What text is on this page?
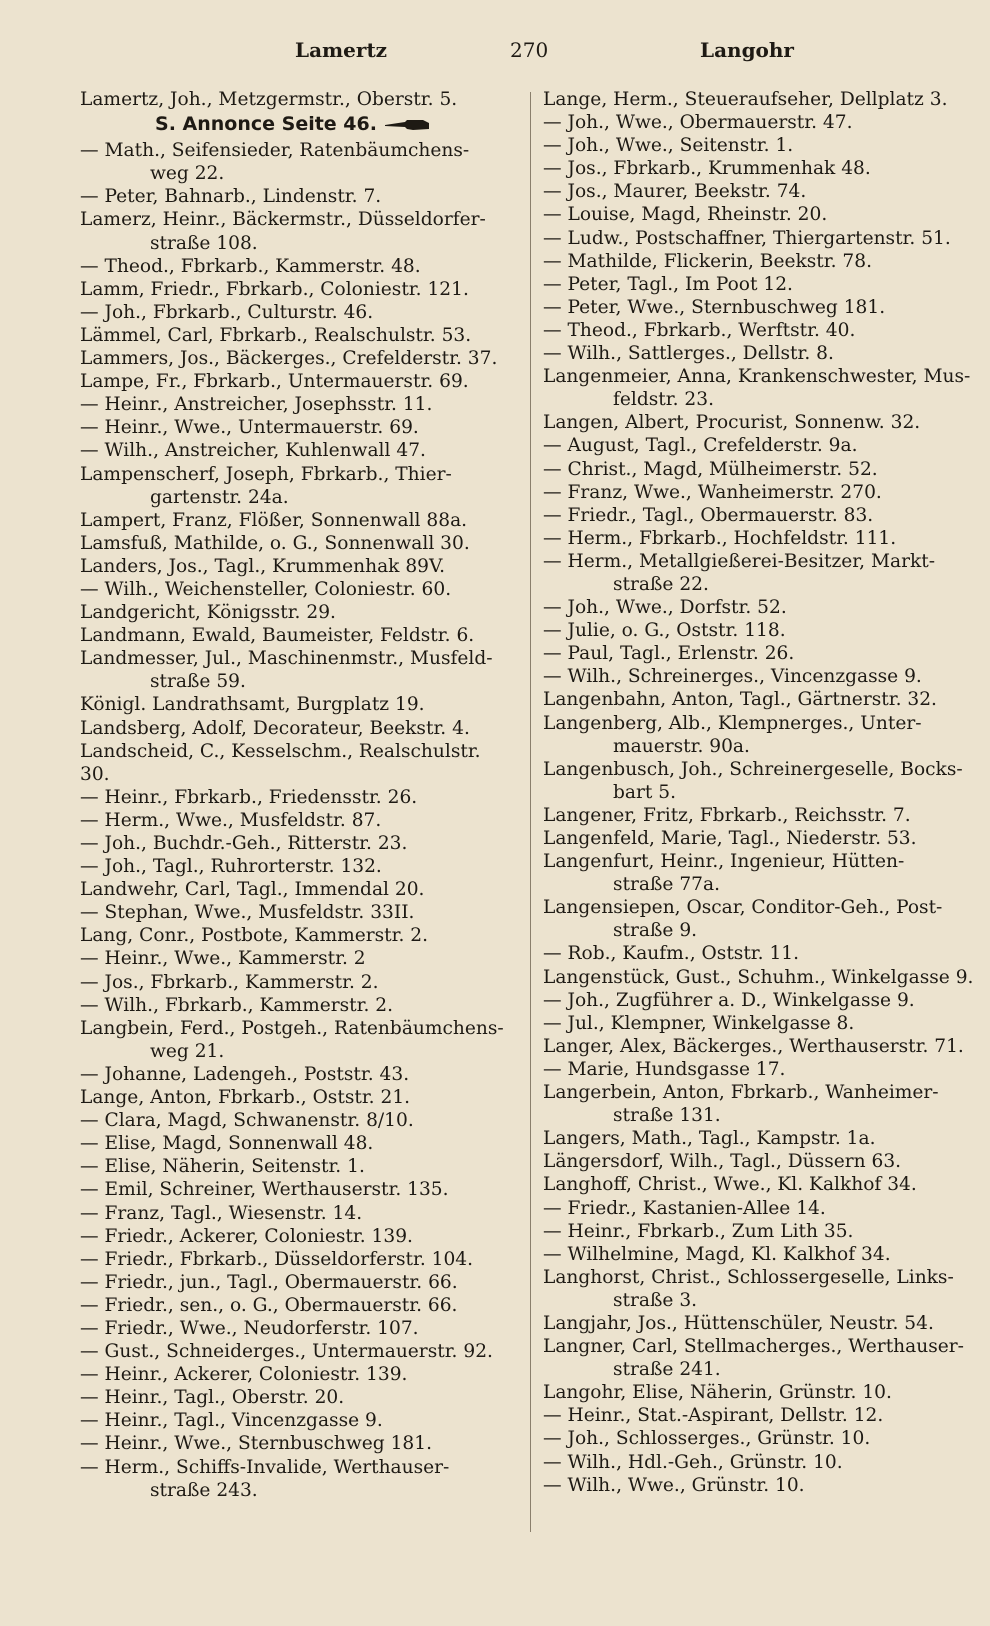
Lamertz	270	Langohr
Lamertz, Joh., Metzgermstr., Oberstr. 5.
S. Annonce Seite 46.
— Math., Seifensieder, Ratenbäumchens-
weg 22.
— Peter, Bahnarb., Lindenstr. 7.
Lamerz, Heinr., Bäckermstr., Düsseldorfer-
straße 108.
— Theod., Fbrkarb., Kammerstr. 48.
Lamm, Friedr., Fbrkarb., Coloniestr. 121.
— Joh., Fbrkarb., Culturstr. 46.
Lämmel, Carl, Fbrkarb., Realschulstr. 53.
Lammers, Jos., Bäckerges., Crefelderstr. 37.
Lampe, Fr., Fbrkarb., Untermauerstr. 69.
— Heinr., Anstreicher, Josephsstr. 11.
— Heinr., Wwe., Untermauerstr. 69.
— Wilh., Anstreicher, Kuhlenwall 47.
Lampenscherf, Joseph, Fbrkarb., Thier-
gartenstr. 24a.
Lampert, Franz, Flößer, Sonnenwall 88a.
Lamsfuß, Mathilde, o. G., Sonnenwall 30.
Landers, Jos., Tagl., Krummenhak 89V.
— Wilh., Weichensteller, Coloniestr. 60.
Landgericht, Königsstr. 29.
Landmann, Ewald, Baumeister, Feldstr. 6.
Landmesser, Jul., Maschinenmstr., Musfeld-
straße 59.
Königl. Landrathsamt, Burgplatz 19.
Landsberg, Adolf, Decorateur, Beekstr. 4.
Landscheid, C., Kesselschm., Realschulstr. 30.
— Heinr., Fbrkarb., Friedensstr. 26.
— Herm., Wwe., Musfeldstr. 87.
— Joh., Buchdr.-Geh., Ritterstr. 23.
— Joh., Tagl., Ruhrorterstr. 132.
Landwehr, Carl, Tagl., Immendal 20.
— Stephan, Wwe., Musfeldstr. 33II.
Lang, Conr., Postbote, Kammerstr. 2.
— Heinr., Wwe., Kammerstr. 2
— Jos., Fbrkarb., Kammerstr. 2.
— Wilh., Fbrkarb., Kammerstr. 2.
Langbein, Ferd., Postgeh., Ratenbäumchens-
weg 21.
— Johanne, Ladengeh., Poststr. 43.
Lange, Anton, Fbrkarb., Oststr. 21.
— Clara, Magd, Schwanenstr. 8/10.
— Elise, Magd, Sonnenwall 48.
— Elise, Näherin, Seitenstr. 1.
— Emil, Schreiner, Werthauserstr. 135.
— Franz, Tagl., Wiesenstr. 14.
— Friedr., Ackerer, Coloniestr. 139.
— Friedr., Fbrkarb., Düsseldorferstr. 104.
— Friedr., jun., Tagl., Obermauerstr. 66.
— Friedr., sen., o. G., Obermauerstr. 66.
— Friedr., Wwe., Neudorferstr. 107.
— Gust., Schneiderges., Untermauerstr. 92.
— Heinr., Ackerer, Coloniestr. 139.
— Heinr., Tagl., Oberstr. 20.
— Heinr., Tagl., Vincenzgasse 9.
— Heinr., Wwe., Sternbuschweg 181.
— Herm., Schiffs-Invalide, Werthauser-
straße 243.
Lange, Herm., Steueraufseher, Dellplatz 3.
— Joh., Wwe., Obermauerstr. 47.
— Joh., Wwe., Seitenstr. 1.
— Jos., Fbrkarb., Krummenhak 48.
— Jos., Maurer, Beekstr. 74.
— Louise, Magd, Rheinstr. 20.
— Ludw., Postschaffner, Thiergartenstr. 51.
— Mathilde, Flickerin, Beekstr. 78.
— Peter, Tagl., Im Poot 12.
— Peter, Wwe., Sternbuschweg 181.
— Theod., Fbrkarb., Werftstr. 40.
— Wilh., Sattlerges., Dellstr. 8.
Langenmeier, Anna, Krankenschwester, Mus-
feldstr. 23.
Langen, Albert, Procurist, Sonnenw. 32.
— August, Tagl., Crefelderstr. 9a.
— Christ., Magd, Mülheimerstr. 52.
— Franz, Wwe., Wanheimerstr. 270.
— Friedr., Tagl., Obermauerstr. 83.
— Herm., Fbrkarb., Hochfeldstr. 111.
— Herm., Metallgießerei-Besitzer, Markt-
straße 22.
— Joh., Wwe., Dorfstr. 52.
— Julie, o. G., Oststr. 118.
— Paul, Tagl., Erlenstr. 26.
— Wilh., Schreinerges., Vincenzgasse 9.
Langenbahn, Anton, Tagl., Gärtnerstr. 32.
Langenberg, Alb., Klempnerges., Unter-
mauerstr. 90a.
Langenbusch, Joh., Schreinergeselle, Bocks-
bart 5.
Langener, Fritz, Fbrkarb., Reichsstr. 7.
Langenfeld, Marie, Tagl., Niederstr. 53.
Langenfurt, Heinr., Ingenieur, Hütten-
straße 77a.
Langensiepen, Oscar, Conditor-Geh., Post-
straße 9.
— Rob., Kaufm., Oststr. 11.
Langenstück, Gust., Schuhm., Winkelgasse 9.
— Joh., Zugführer a. D., Winkelgasse 9.
— Jul., Klempner, Winkelgasse 8.
Langer, Alex, Bäckerges., Werthauserstr. 71.
— Marie, Hundsgasse 17.
Langerbein, Anton, Fbrkarb., Wanheimer-
straße 131.
Langers, Math., Tagl., Kampstr. 1a.
Längersdorf, Wilh., Tagl., Düssern 63.
Langhoff, Christ., Wwe., Kl. Kalkhof 34.
— Friedr., Kastanien-Allee 14.
— Heinr., Fbrkarb., Zum Lith 35.
— Wilhelmine, Magd, Kl. Kalkhof 34.
Langhorst, Christ., Schlossergeselle, Links-
straße 3.
Langjahr, Jos., Hüttenschüler, Neustr. 54.
Langner, Carl, Stellmacherges., Werthauser-
straße 241.
Langohr, Elise, Näherin, Grünstr. 10.
— Heinr., Stat.-Aspirant, Dellstr. 12.
— Joh., Schlosserges., Grünstr. 10.
— Wilh., Hdl.-Geh., Grünstr. 10.
— Wilh., Wwe., Grünstr. 10.
